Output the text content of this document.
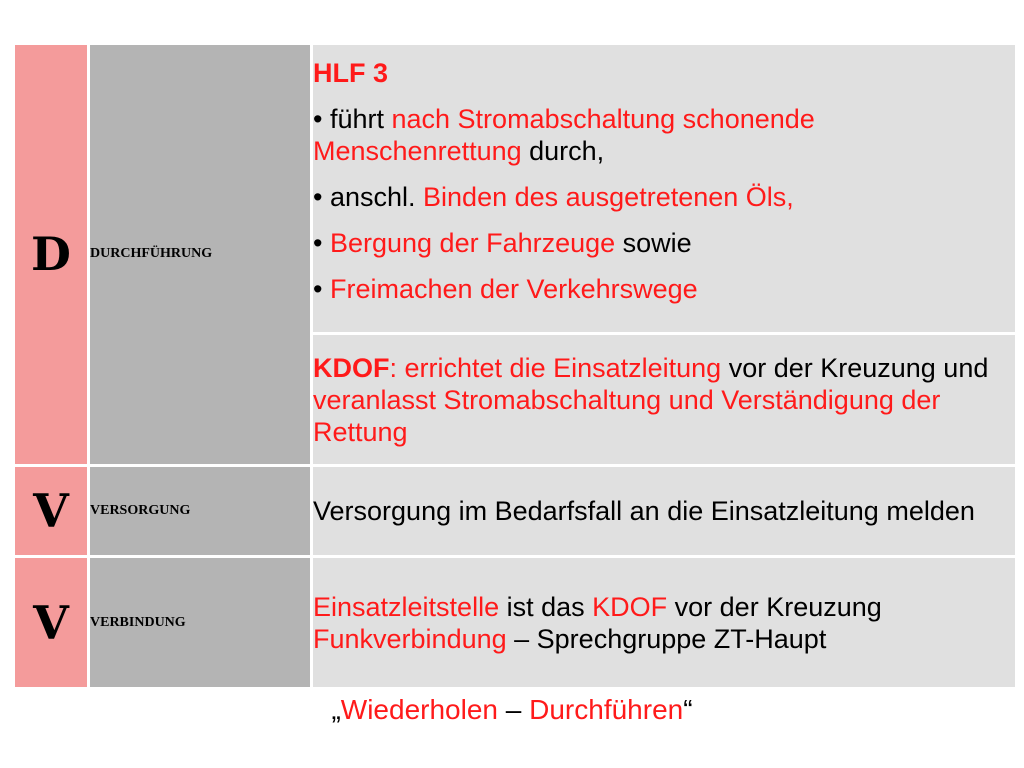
D	DURCHFÜHRUNG	HLF 3
• führt nach Stromabschaltung schonende Menschenrettung durch,
• anschl. Binden des ausgetretenen Öls,
• Bergung der Fahrzeuge sowie
• Freimachen der Verkehrswege

		KDOF: errichtet die Einsatzleitung vor der Kreuzung und veranlasst Stromabschaltung und Verständigung der Rettung
V	VERSORGUNG	Versorgung im Bedarfsfall an die Einsatzleitung melden
V	VERBINDUNG	Einsatzleitstelle ist das KDOF vor der Kreuzung
Funkverbindung – Sprechgruppe ZT-Haupt
„Wiederholen – Durchführen“
